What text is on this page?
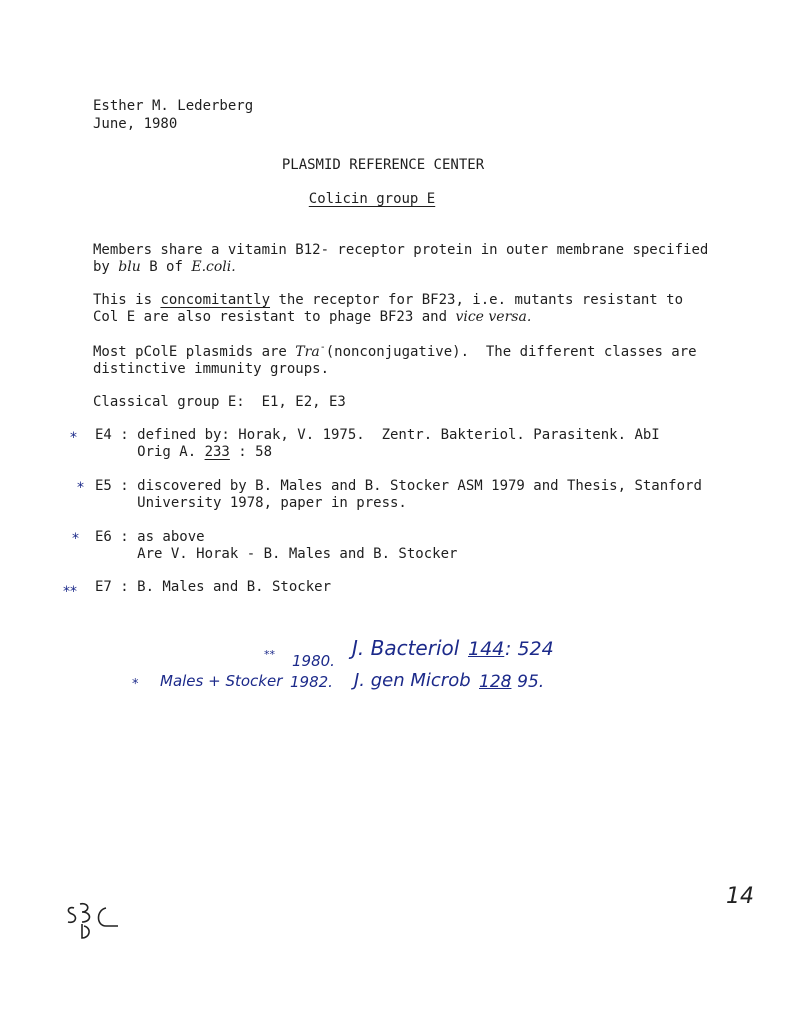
Esther M. Lederberg
June, 1980
PLASMID REFERENCE CENTER
Colicin group E
Members share a vitamin B12- receptor protein in outer membrane specified
by blu B of E.coli.
This is concomitantly the receptor for BF23, i.e. mutants resistant to
Col E are also resistant to phage BF23 and vice versa.
Most pColE plasmids are Tra-(nonconjugative).  The different classes are
distinctive immunity groups.
Classical group E:  E1, E2, E3
* E4 : defined by: Horak, V. 1975.  Zentr. Bakteriol. Parasitenk. AbI
Orig A. 233 : 58
* E5 : discovered by B. Males and B. Stocker ASM 1979 and Thesis, Stanford
University 1978, paper in press.
* E6 : as above
Are V. Horak - B. Males and B. Stocker
** E7 : B. Males and B. Stocker
** 1980.
J. Bacteriol 144 : 524
* Males + Stocker 1982. J. gen Microb 128
: 95.
14
